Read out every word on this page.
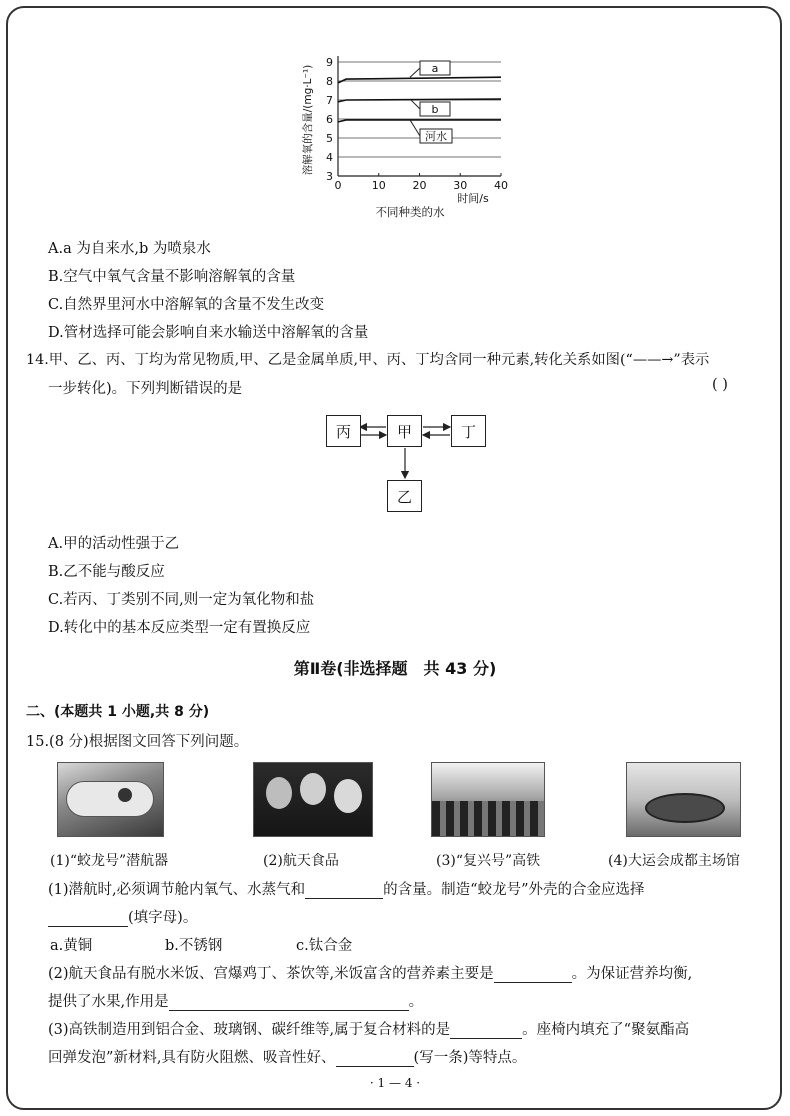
3
4
5
6
7
8
9
0	10 20 30 40
a
b
河水
时间/s
溶解氧的含量/(mg·L⁻¹)
不同种类的水
A.a 为自来水,b 为喷泉水
B.空气中氧气含量不影响溶解氧的含量
C.自然界里河水中溶解氧的含量不发生改变
D.管材选择可能会影响自来水输送中溶解氧的含量
14.甲、乙、丙、丁均为常见物质,甲、乙是金属单质,甲、丙、丁均含同一种元素,转化关系如图(“——→”表示
一步转化)。下列判断错误的是	( )
丙	甲	丁
乙
A.甲的活动性强于乙
B.乙不能与酸反应
C.若丙、丁类别不同,则一定为氧化物和盐
D.转化中的基本反应类型一定有置换反应
第Ⅱ卷(非选择题　共 43 分)
二、(本题共 1 小题,共 8 分)
15.(8 分)根据图文回答下列问题。
(1)“蛟龙号”潜航器	(2)航天食品	(3)“复兴号”高铁	(4)大运会成都主场馆
(1)潜航时,必须调节舱内氧气、水蒸气和	的含量。制造“蛟龙号”外壳的合金应选择
(填字母)。
a.黄铜	b.不锈钢	c.钛合金
(2)航天食品有脱水米饭、宫爆鸡丁、茶饮等,米饭富含的营养素主要是	。为保证营养均衡,
提供了水果,作用是	。
(3)高铁制造用到铝合金、玻璃钢、碳纤维等,属于复合材料的是	。座椅内填充了“聚氨酯高
回弹发泡”新材料,具有防火阻燃、吸音性好、	(写一条)等特点。
· 1 — 4 ·
